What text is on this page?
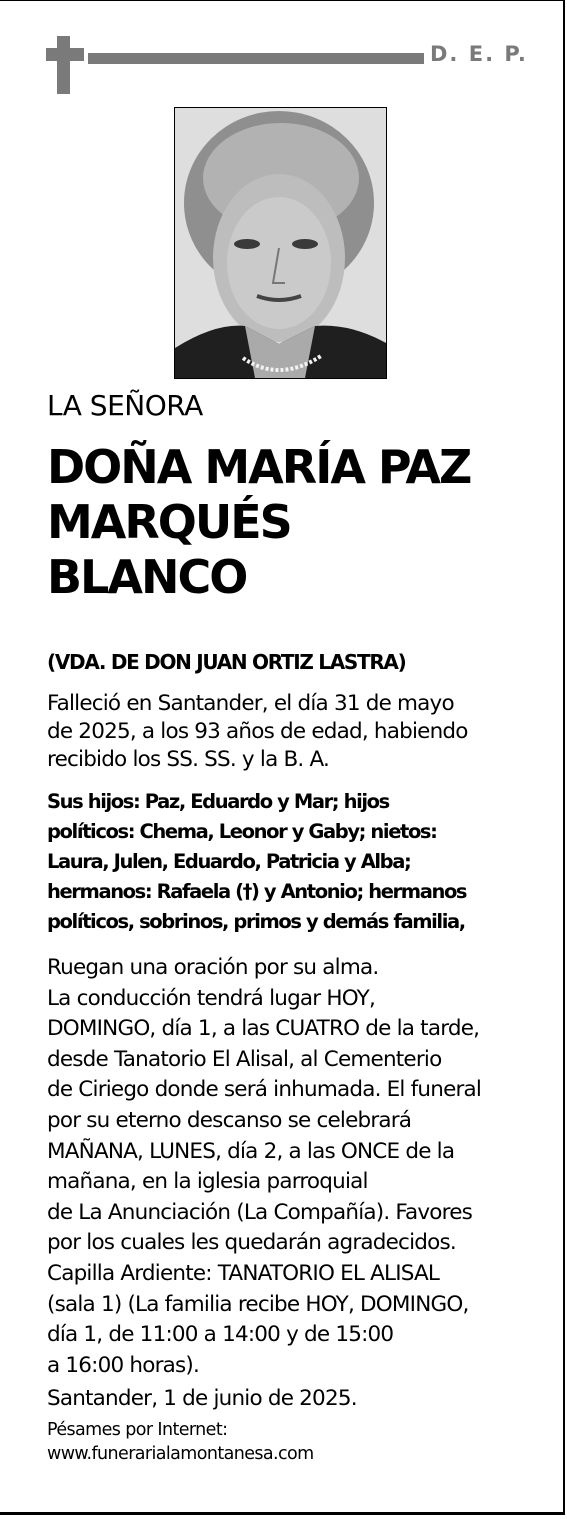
D. E. P.
LA SEÑORA
DOÑA MARÍA PAZ
MARQUÉS
BLANCO
(VDA. DE DON JUAN ORTIZ LASTRA)
Falleció en Santander, el día 31 de mayo
de 2025, a los 93 años de edad, habiendo
recibido los SS. SS. y la B. A.
Sus hijos: Paz, Eduardo y Mar; hijos
políticos: Chema, Leonor y Gaby; nietos:
Laura, Julen, Eduardo, Patricia y Alba;
hermanos: Rafaela (†) y Antonio; hermanos
políticos, sobrinos, primos y demás familia,
Ruegan una oración por su alma.
La conducción tendrá lugar HOY,
DOMINGO, día 1, a las CUATRO de la tarde,
desde Tanatorio El Alisal, al Cementerio
de Ciriego donde será inhumada. El funeral
por su eterno descanso se celebrará
MAÑANA, LUNES, día 2, a las ONCE de la
mañana, en la iglesia parroquial
de La Anunciación (La Compañía). Favores
por los cuales les quedarán agradecidos.
Capilla Ardiente: TANATORIO EL ALISAL
(sala 1) (La familia recibe HOY, DOMINGO,
día 1, de 11:00 a 14:00 y de 15:00
a 16:00 horas).
Santander, 1 de junio de 2025.
Pésames por Internet:
www.funerarialamontanesa.com
